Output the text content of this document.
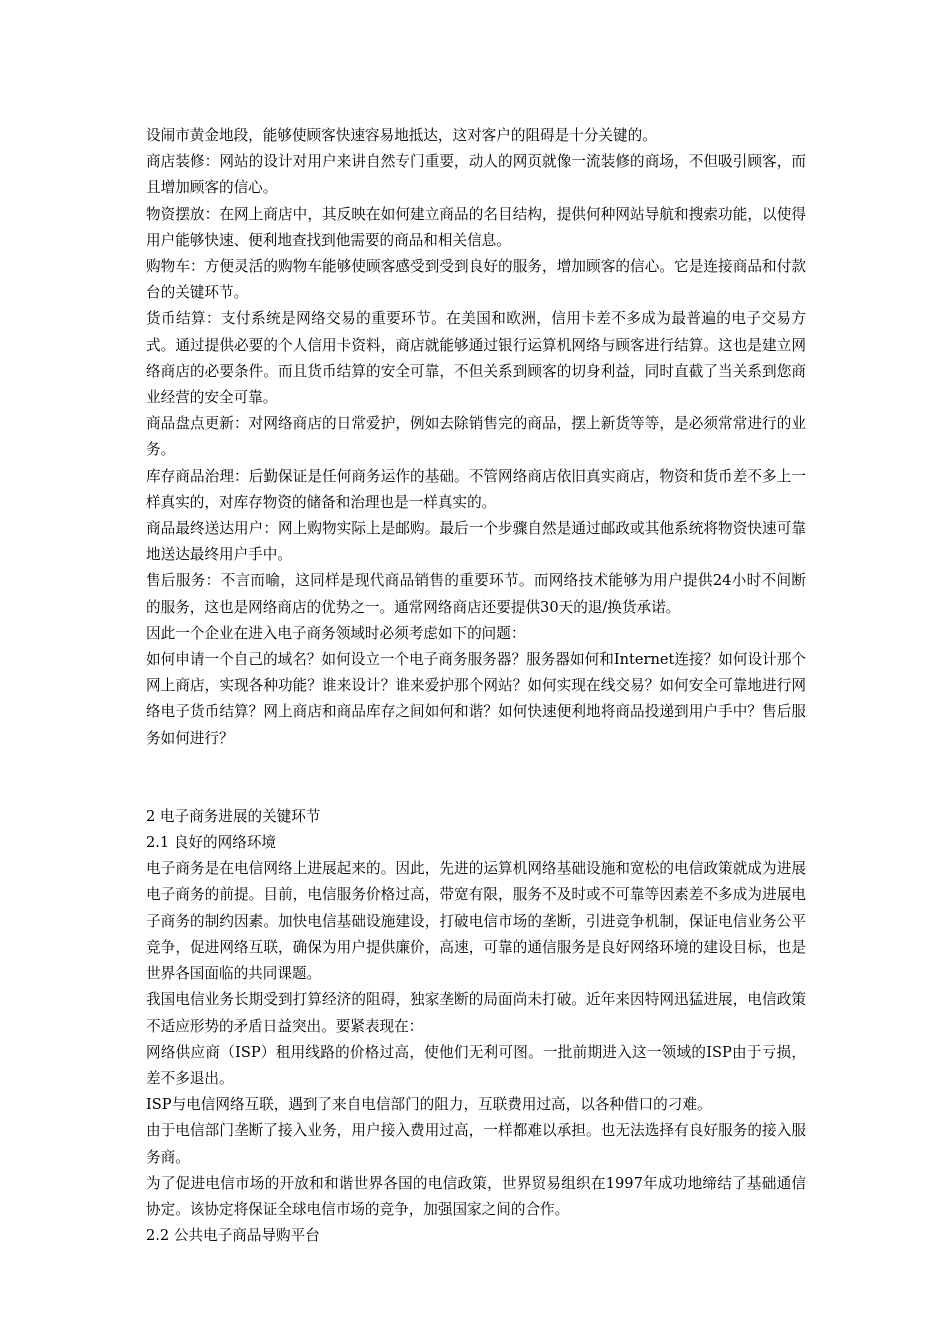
设闹市黄金地段，能够使顾客快速容易地抵达，这对客户的阻碍是十分关键的。

商店装修：网站的设计对用户来讲自然专门重要，动人的网页就像一流装修的商场，不但吸引顾客，而且增加顾客的信心。

物资摆放：在网上商店中，其反映在如何建立商品的名目结构，提供何种网站导航和搜索功能，以使得用户能够快速、便利地查找到他需要的商品和相关信息。

购物车：方便灵活的购物车能够使顾客感受到受到良好的服务，增加顾客的信心。它是连接商品和付款台的关键环节。

货币结算：支付系统是网络交易的重要环节。在美国和欧洲，信用卡差不多成为最普遍的电子交易方式。通过提供必要的个人信用卡资料，商店就能够通过银行运算机网络与顾客进行结算。这也是建立网络商店的必要条件。而且货币结算的安全可靠，不但关系到顾客的切身利益，同时直截了当关系到您商业经营的安全可靠。

商品盘点更新：对网络商店的日常爱护，例如去除销售完的商品，摆上新货等等，是必须常常进行的业务。

库存商品治理：后勤保证是任何商务运作的基础。不管网络商店依旧真实商店，物资和货币差不多上一样真实的，对库存物资的储备和治理也是一样真实的。

商品最终送达用户：网上购物实际上是邮购。最后一个步骤自然是通过邮政或其他系统将物资快速可靠地送达最终用户手中。

售后服务：不言而喻，这同样是现代商品销售的重要环节。而网络技术能够为用户提供24小时不间断的服务，这也是网络商店的优势之一。通常网络商店还要提供30天的退/换货承诺。

因此一个企业在进入电子商务领域时必须考虑如下的问题：

如何申请一个自己的域名？如何设立一个电子商务服务器？服务器如何和Internet连接？如何设计那个网上商店，实现各种功能？谁来设计？谁来爱护那个网站？如何实现在线交易？如何安全可靠地进行网络电子货币结算？网上商店和商品库存之间如何和谐？如何快速便利地将商品投递到用户手中？售后服务如何进行？

2 电子商务进展的关键环节

2.1 良好的网络环境

电子商务是在电信网络上进展起来的。因此，先进的运算机网络基础设施和宽松的电信政策就成为进展电子商务的前提。目前，电信服务价格过高，带宽有限，服务不及时或不可靠等因素差不多成为进展电子商务的制约因素。加快电信基础设施建设，打破电信市场的垄断，引进竞争机制，保证电信业务公平竞争，促进网络互联，确保为用户提供廉价，高速，可靠的通信服务是良好网络环境的建设目标，也是世界各国面临的共同课题。

我国电信业务长期受到打算经济的阻碍，独家垄断的局面尚未打破。近年来因特网迅猛进展，电信政策不适应形势的矛盾日益突出。要紧表现在：

网络供应商（ISP）租用线路的价格过高，使他们无利可图。一批前期进入这一领域的ISP由于亏损，差不多退出。

ISP与电信网络互联，遇到了来自电信部门的阻力，互联费用过高，以各种借口的刁难。

由于电信部门垄断了接入业务，用户接入费用过高，一样都难以承担。也无法选择有良好服务的接入服务商。

为了促进电信市场的开放和和谐世界各国的电信政策，世界贸易组织在1997年成功地缔结了基础通信协定。该协定将保证全球电信市场的竞争，加强国家之间的合作。

2.2 公共电子商品导购平台
